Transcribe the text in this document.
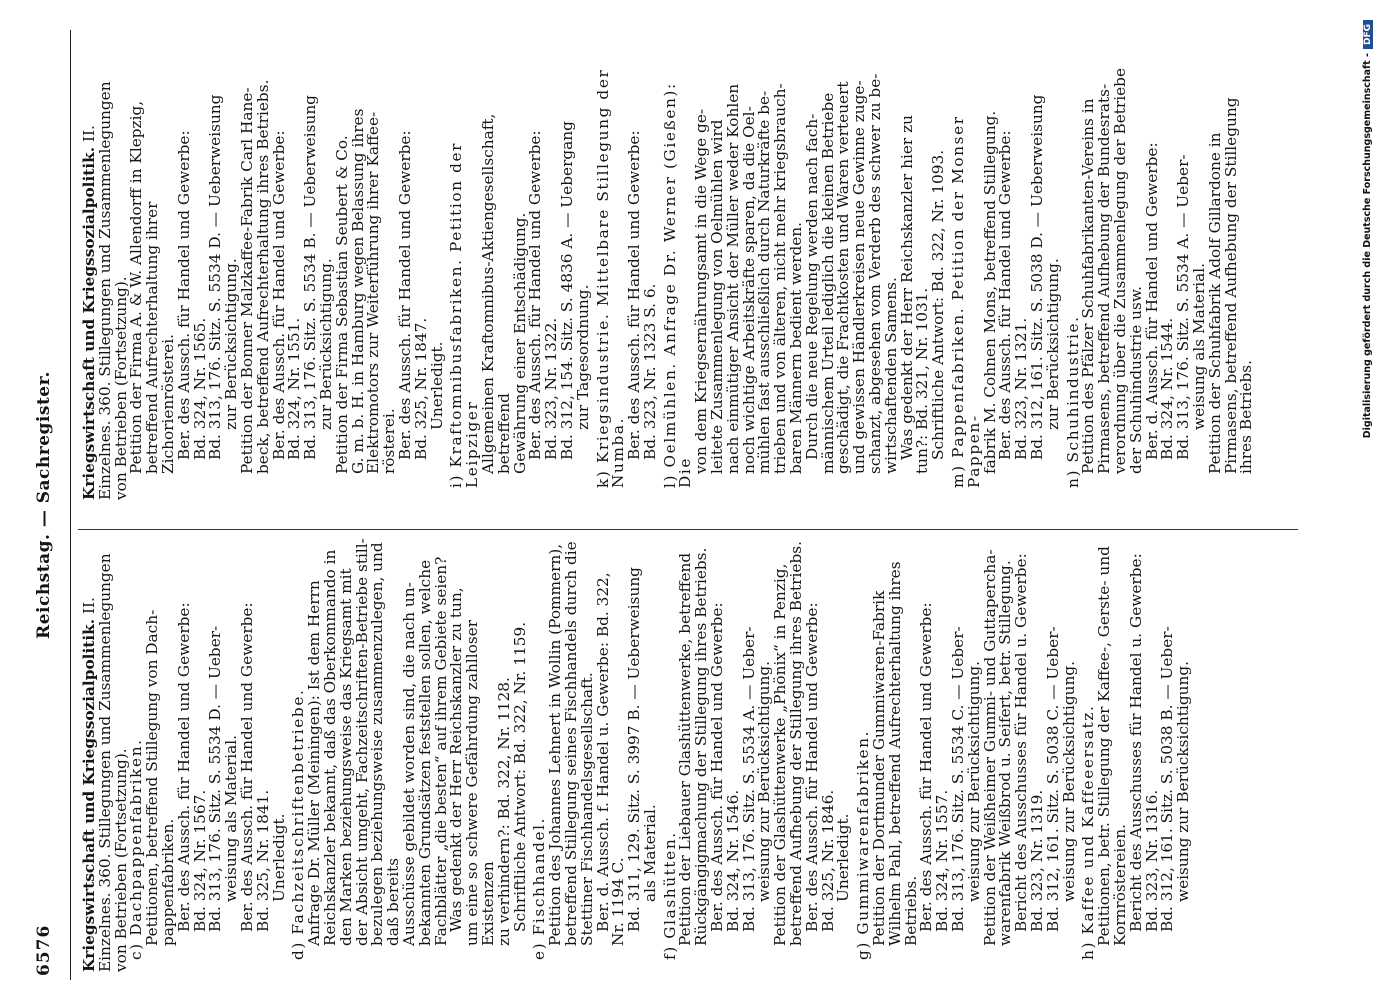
6576
Reichstag. — Sachregister.

Kriegswirtschaft und Kriegssozialpolitik. II. Einzelnes. 360. Stillegungen und Zusammenlegungen von Betrieben (Fortsetzung).

c) Dachpappenfabriken.
Petitionen, betreffend Stillegung von Dach-
pappenfabriken.
Ber. des Aussch. für Handel und Gewerbe:
Bd. 324, Nr. 1567.
Bd. 313, 176. Sitz. S. 5534 D. — Ueber-
weisung als Material.
Ber. des Aussch. für Handel und Gewerbe:
Bd. 325, Nr. 1841.
Unerledigt. d) Fachzeitschriftenbetriebe.
Anfrage Dr. Müller (Meiningen): Ist dem Herrn
Reichskanzler bekannt, daß das Oberkommando in
den Marken beziehungsweise das Kriegsamt mit
der Absicht umgeht, Fachzeitschriften-Betriebe still-
bezulegen beziehungsweise zusammenzulegen, und daß bereits
Ausschüsse gebildet worden sind, die nach un-
bekannten Grundsätzen feststellen sollen, welche
Fachblätter „die besten“ auf ihrem Gebiete seien?
Was gedenkt der Herr Reichskanzler zu tun,
um eine so schwere Gefährdung zahlloser Existenzen
zu verhindern?: Bd. 322, Nr. 1128.
Schriftliche Antwort: Bd. 322, Nr. 1159. e) Fischhandel.
Petition des Johannes Lehnert in Wollin (Pommern),
betreffend Stillegung seines Fischhandels durch die
Stettiner Fischhandelsgesellschaft.
Ber. d. Aussch. f. Handel u. Gewerbe: Bd. 322,
Nr. 1194 C.
Bd. 311, 129. Sitz. S. 3997 B. — Ueberweisung
als Material. f) Glashütten.
Petition der Liebauer Glashüttenwerke, betreffend
Rückgängigmachung der Stillegung ihres Betriebs.
Ber. des Aussch. für Handel und Gewerbe:
Bd. 324, Nr. 1546.
Bd. 313, 176. Sitz. S. 5534 A. — Ueber-
weisung zur Berücksichtigung.
Petition der Glashüttenwerke „Phönix“ in Penzig,
betreffend Aufhebung der Stillegung ihres Betriebs.
Ber. des Aussch. für Handel und Gewerbe:
Bd. 325, Nr. 1846.
Unerledigt. g) Gummiwarenfabriken.
Petition der Dortmunder Gummiwaren-Fabrik
Wilhelm Pahl, betreffend Aufrechterhaltung ihres
Betriebs.
Ber. des Aussch. für Handel und Gewerbe:
Bd. 324, Nr. 1557.
Bd. 313, 176. Sitz. S. 5534 C. — Ueber-
weisung zur Berücksichtigung.
Petition der Weißheimer Gummi- und Guttapercha-
warenfabrik Weißbrod u. Seifert, betr. Stillegung.
Bericht des Ausschusses für Handel u. Gewerbe:
Bd. 323, Nr. 1319.
Bd. 312, 161. Sitz. S. 5038 C. — Ueber-
weisung zur Berücksichtigung. h) Kaffee und Kaffeeersatz.
Petitionen, betr. Stillegung der Kaffee-, Gerste- und
Kornröstereien.
Bericht des Ausschusses für Handel u. Gewerbe:
Bd. 323, Nr. 1316.
Bd. 312, 161. Sitz. S. 5038 B. — Ueber-
weisung zur Berücksichtigung.

Kriegswirtschaft und Kriegssozialpolitik. II. Einzelnes. 360. Stillegungen und Zusammenlegungen von Betrieben (Fortsetzung).

Petition der Firma A. & W. Allendorff in Klepzig,
betreffend Aufrechterhaltung ihrer Zichorienrösterei.
Ber. des Aussch. für Handel und Gewerbe:
Bd. 324, Nr. 1565.
Bd. 313, 176. Sitz. S. 5534 D. — Ueberweisung
zur Berücksichtigung.
Petition der Bonner Malzkaffee-Fabrik Carl Hane-
beck, betreffend Aufrechterhaltung ihres Betriebs.
Ber. des Aussch. für Handel und Gewerbe:
Bd. 324, Nr. 1551.
Bd. 313, 176. Sitz. S. 5534 B. — Ueberweisung
zur Berücksichtigung.
Petition der Firma Sebastian Seubert & Co.
G. m. b. H. in Hamburg wegen Belassung ihres
Elektromotors zur Weiterführung ihrer Kaffee-
rösterei.
Ber. des Aussch. für Handel und Gewerbe:
Bd. 325, Nr. 1847.
Unerledigt. i) Kraftomnibusfabriken. Petition der Leipziger
Allgemeinen Kraftomnibus-Aktiengesellschaft, betreffend
Gewährung einer Entschädigung.
Ber. des Aussch. für Handel und Gewerbe:
Bd. 323, Nr. 1322.
Bd. 312, 154. Sitz. S. 4836 A. — Uebergang
zur Tagesordnung. k) Kriegsindustrie. Mittelbare Stillegung der Numba.
Ber. des Aussch. für Handel und Gewerbe:
Bd. 323, Nr. 1323 S. 6. l) Oelmühlen. Anfrage Dr. Werner (Gießen): Die
von dem Kriegsernährungsamt in die Wege ge-
leitete Zusammenlegung von Oelmühlen wird
nach einmütiger Ansicht der Müller weder Kohlen
noch wichtige Arbeitskräfte sparen, da die Oel-
mühlen fast ausschließlich durch Naturkräfte be-
trieben und von älteren, nicht mehr kriegsbrauch-
baren Männern bedient werden.
Durch die neue Regelung werden nach fach-
männischem Urteil lediglich die kleinen Betriebe
geschädigt, die Frachtkosten und Waren verteuert
und gewissen Händlerkreisen neue Gewinne zuge-
schanzt, abgesehen vom Verderb des schwer zu be-
wirtschaftenden Samens.
Was gedenkt der Herr Reichskanzler hier zu
tun?: Bd. 321, Nr. 1031.
Schriftliche Antwort: Bd. 322, Nr. 1093. m) Pappenfabriken. Petition der Monser Pappen-
fabrik M. Cohnen Mons, betreffend Stillegung.
Ber. des Aussch. für Handel und Gewerbe:
Bd. 323, Nr. 1321.
Bd. 312, 161. Sitz. S. 5038 D. — Ueberweisung
zur Berücksichtigung. n) Schuhindustrie.
Petition des Pfälzer Schuhfabrikanten-Vereins in
Pirmasens, betreffend Aufhebung der Bundesrats-
verordnung über die Zusammenlegung der Betriebe
der Schuhindustrie usw.
Ber. d. Aussch. für Handel und Gewerbe:
Bd. 324, Nr. 1544.
Bd. 313, 176. Sitz. S. 5534 A. — Ueber-
weisung als Material.
Petition der Schuhfabrik Adolf Gillardone in
Pirmasens, betreffend Aufhebung der Stillegung
ihres Betriebs.	Digitalisierung gefördert durch die Deutsche Forschungsgemeinschaft -DFG
